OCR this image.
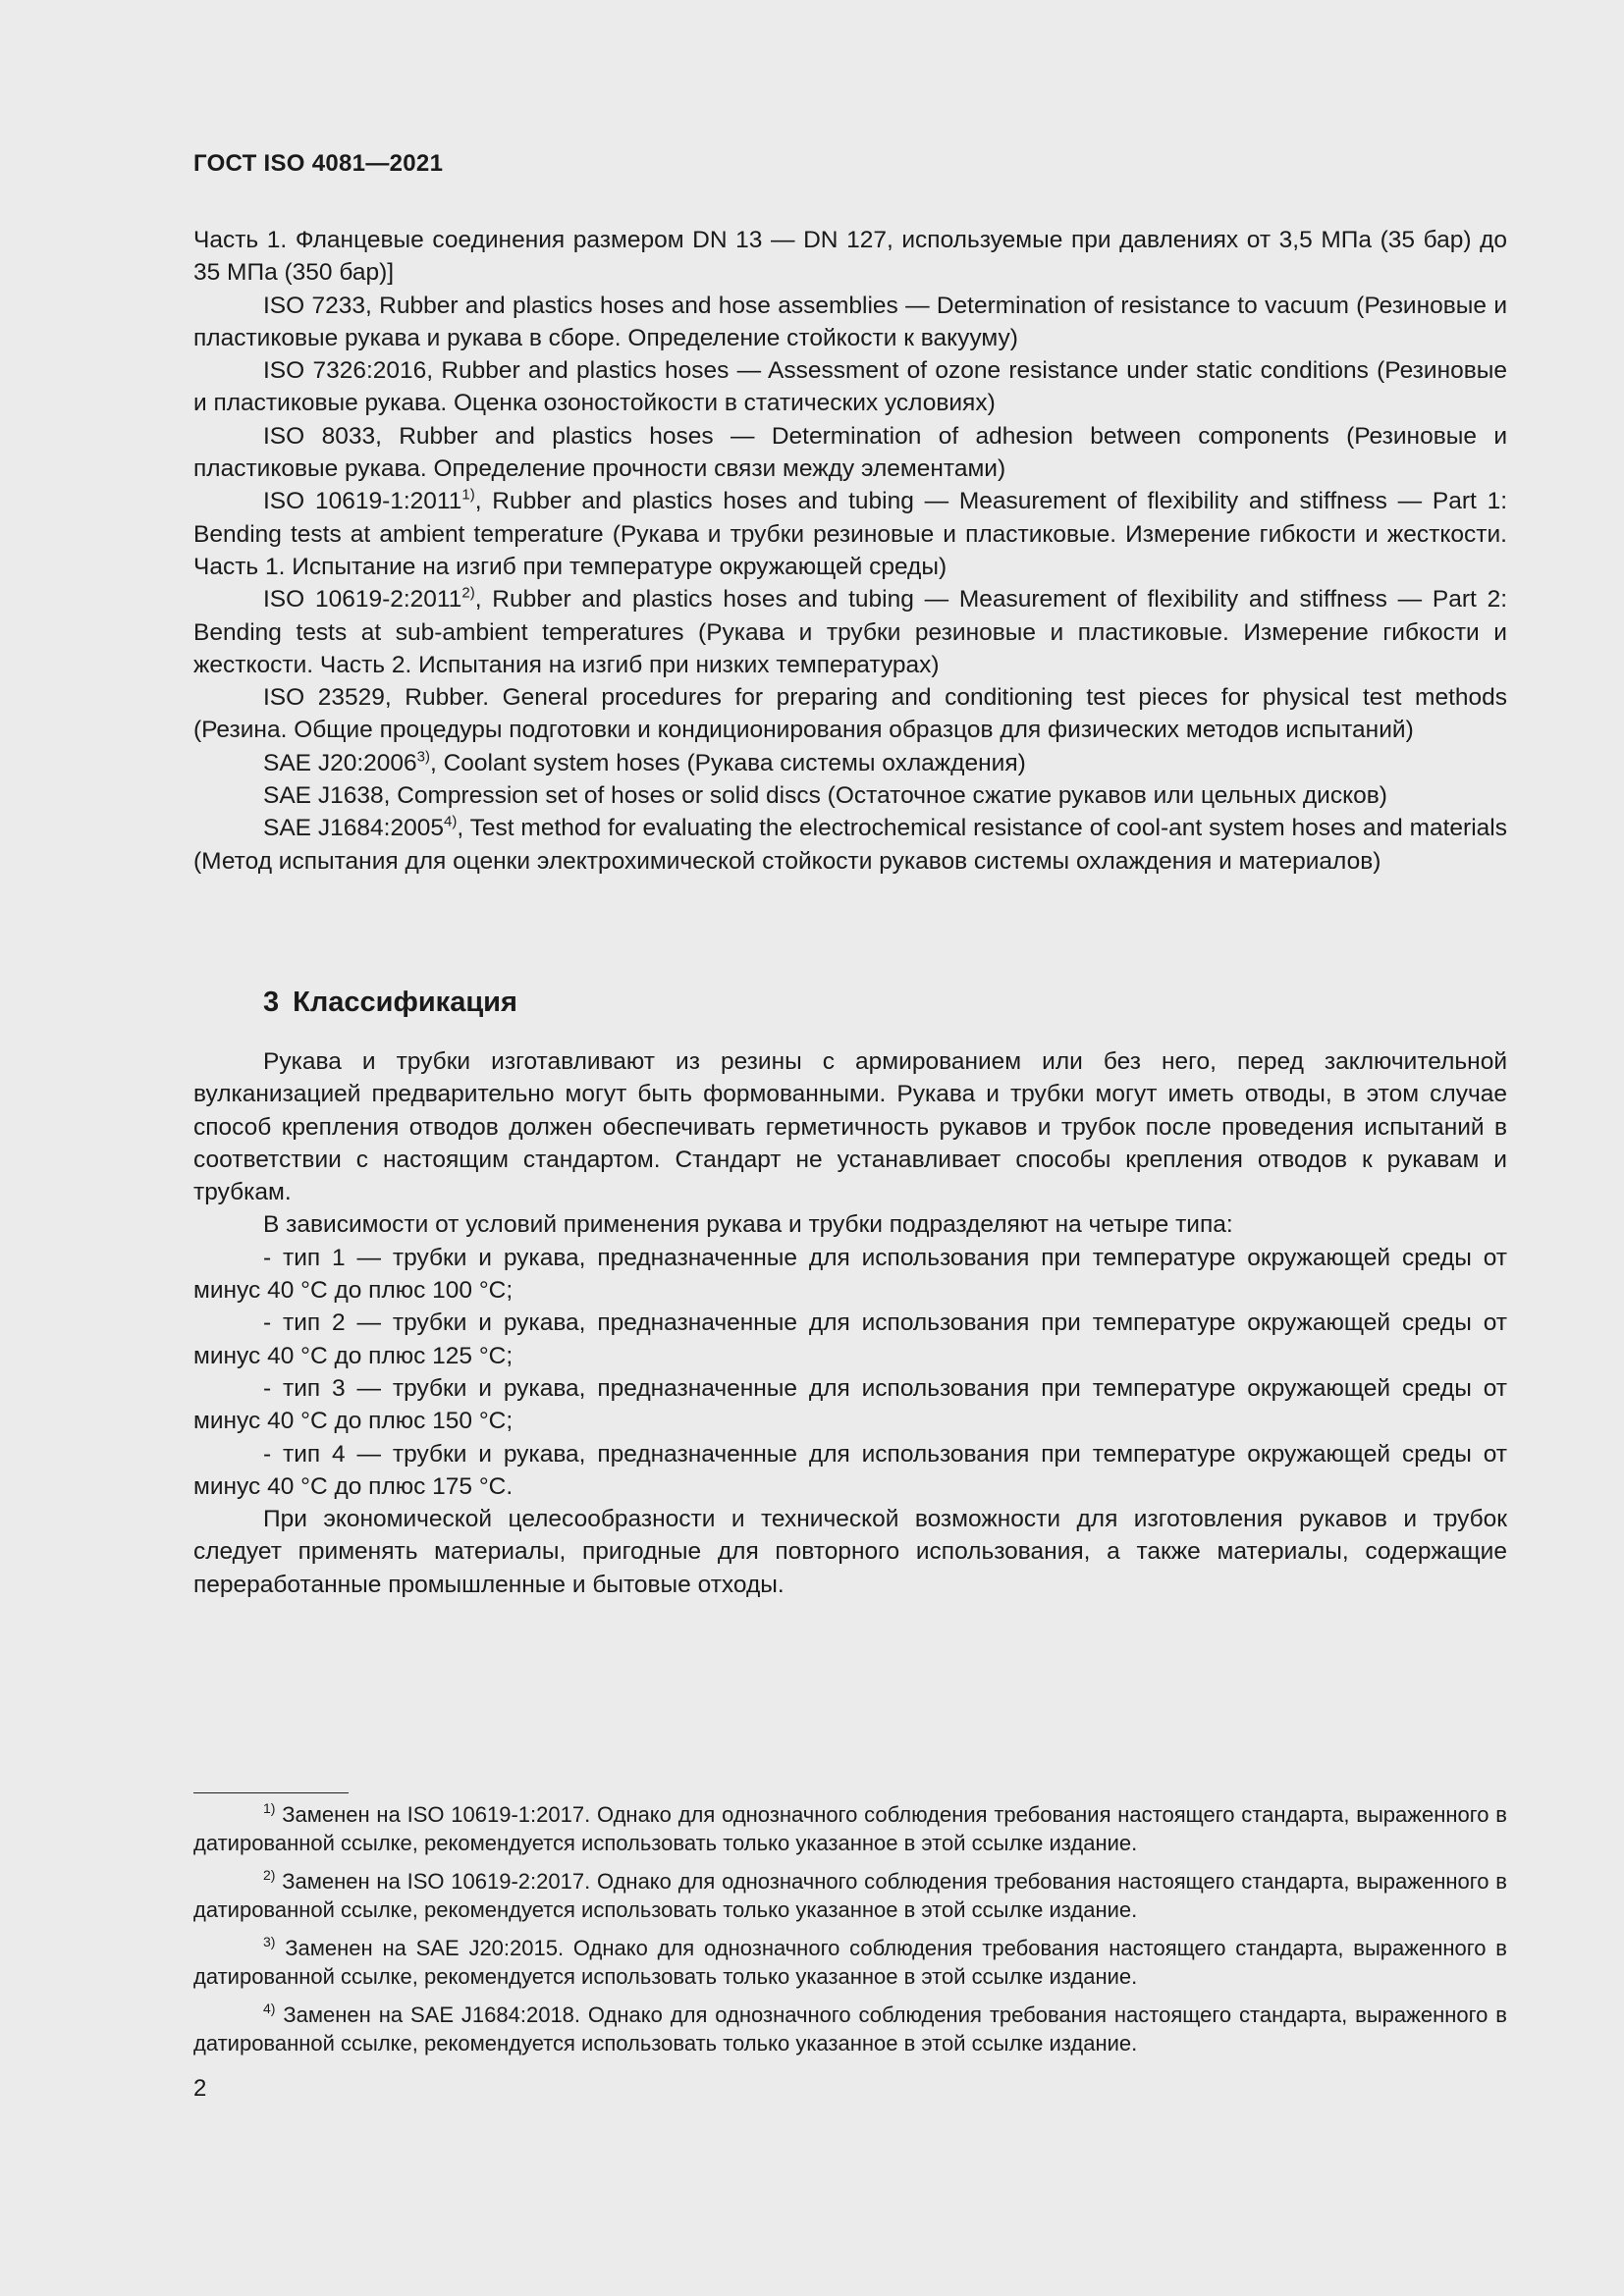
ГОСТ ISO 4081—2021

Часть 1. Фланцевые соединения размером DN 13 — DN 127, используемые при давлениях от 3,5 МПа (35 бар) до 35 МПа (350 бар)]

ISO 7233, Rubber and plastics hoses and hose assemblies — Determination of resistance to vacuum (Резиновые и пластиковые рукава и рукава в сборе. Определение стойкости к вакууму)

ISO 7326:2016, Rubber and plastics hoses — Assessment of ozone resistance under static conditions (Резиновые и пластиковые рукава. Оценка озоностойкости в статических условиях)

ISO 8033, Rubber and plastics hoses — Determination of adhesion between components (Резиновые и пластиковые рукава. Определение прочности связи между элементами)

ISO 10619-1:2011$^{1)}$, Rubber and plastics hoses and tubing — Measurement of flexibility and stiffness — Part 1: Bending tests at ambient temperature (Рукава и трубки резиновые и пластиковые. Измерение гибкости и жесткости. Часть 1. Испытание на изгиб при температуре окружающей среды)

ISO 10619-2:2011$^{2)}$, Rubber and plastics hoses and tubing — Measurement of flexibility and stiffness — Part 2: Bending tests at sub-ambient temperatures (Рукава и трубки резиновые и пластиковые. Измерение гибкости и жесткости. Часть 2. Испытания на изгиб при низких температурах)

ISO 23529, Rubber. General procedures for preparing and conditioning test pieces for physical test methods (Резина. Общие процедуры подготовки и кондиционирования образцов для физических методов испытаний)

SAE J20:2006$^{3)}$, Coolant system hoses (Рукава системы охлаждения)

SAE J1638, Compression set of hoses or solid discs (Остаточное сжатие рукавов или цельных дисков)

SAE J1684:2005$^{4)}$, Test method for evaluating the electrochemical resistance of cool-ant system hoses and materials (Метод испытания для оценки электрохимической стойкости рукавов системы охлаждения и материалов)

3 Классификация

Рукава и трубки изготавливают из резины с армированием или без него, перед заключительной вулканизацией предварительно могут быть формованными. Рукава и трубки могут иметь отводы, в этом случае способ крепления отводов должен обеспечивать герметичность рукавов и трубок после проведения испытаний в соответствии с настоящим стандартом. Стандарт не устанавливает способы крепления отводов к рукавам и трубкам.

В зависимости от условий применения рукава и трубки подразделяют на четыре типа:

- тип 1 — трубки и рукава, предназначенные для использования при температуре окружающей среды от минус 40 °С до плюс 100 °С;

- тип 2 — трубки и рукава, предназначенные для использования при температуре окружающей среды от минус 40 °С до плюс 125 °С;

- тип 3 — трубки и рукава, предназначенные для использования при температуре окружающей среды от минус 40 °С до плюс 150 °С;

- тип 4 — трубки и рукава, предназначенные для использования при температуре окружающей среды от минус 40 °С до плюс 175 °С.

При экономической целесообразности и технической возможности для изготовления рукавов и трубок следует применять материалы, пригодные для повторного использования, а также материалы, содержащие переработанные промышленные и бытовые отходы.

$^{1)}$ Заменен на ISO 10619-1:2017. Однако для однозначного соблюдения требования настоящего стандарта, выраженного в датированной ссылке, рекомендуется использовать только указанное в этой ссылке издание.

$^{2)}$ Заменен на ISO 10619-2:2017. Однако для однозначного соблюдения требования настоящего стандарта, выраженного в датированной ссылке, рекомендуется использовать только указанное в этой ссылке издание.

$^{3)}$ Заменен на SAE J20:2015. Однако для однозначного соблюдения требования настоящего стандарта, выраженного в датированной ссылке, рекомендуется использовать только указанное в этой ссылке издание.

$^{4)}$ Заменен на SAE J1684:2018. Однако для однозначного соблюдения требования настоящего стандарта, выраженного в датированной ссылке, рекомендуется использовать только указанное в этой ссылке издание.

2
